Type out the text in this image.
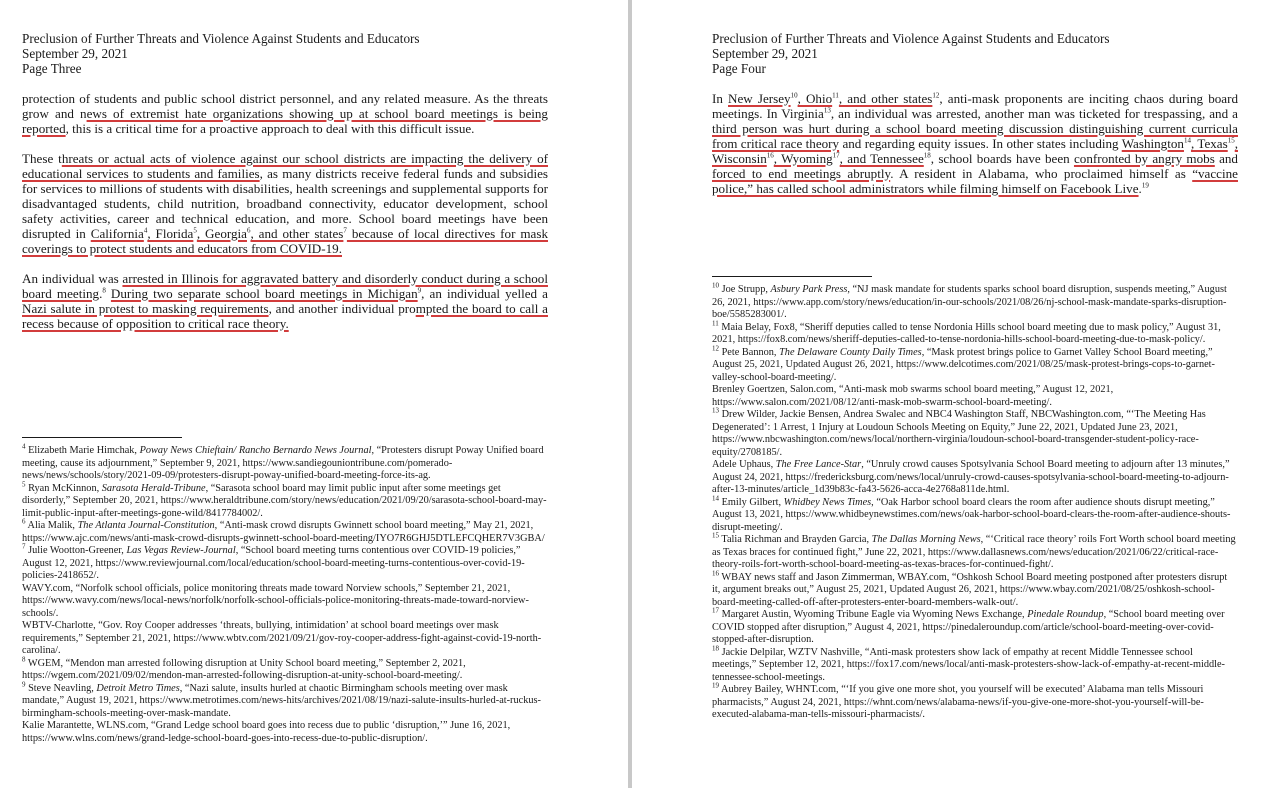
Preclusion of Further Threats and Violence Against Students and Educators
September 29, 2021
Page Three

protection of students and public school district personnel, and any related measure. As the threats grow and news of extremist hate organizations showing up at school board meetings is being reported, this is a critical time for a proactive approach to deal with this difficult issue.

These threats or actual acts of violence against our school districts are impacting the delivery of educational services to students and families, as many districts receive federal funds and subsidies for services to millions of students with disabilities, health screenings and supplemental supports for disadvantaged students, child nutrition, broadband connectivity, educator development, school safety activities, career and technical education, and more. School board meetings have been disrupted in California$^4$, Florida$^5$, Georgia$^6$, and other states$^7$ because of local directives for mask coverings to protect students and educators from COVID-19.

An individual was arrested in Illinois for aggravated battery and disorderly conduct during a school board meeting.$^8$ During two separate school board meetings in Michigan$^9$, an individual yelled a Nazi salute in protest to masking requirements, and another individual prompted the board to call a recess because of opposition to critical race theory.

$^4$ Elizabeth Marie Himchak, Poway News Chieftain/ Rancho Bernardo News Journal, “Protesters disrupt Poway Unified board meeting, cause its adjournment,” September 9, 2021, https://www.sandiegouniontribune.com/pomerado-news/news/schools/story/2021-09-09/protesters-disrupt-poway-unified-board-meeting-force-its-ag.

$^5$ Ryan McKinnon, Sarasota Herald-Tribune, “Sarasota school board may limit public input after some meetings get disorderly,” September 20, 2021, https://www.heraldtribune.com/story/news/education/2021/09/20/sarasota-school-board-may-limit-public-input-after-meetings-gone-wild/8417784002/.

$^6$ Alia Malik, The Atlanta Journal-Constitution, “Anti-mask crowd disrupts Gwinnett school board meeting,” May 21, 2021, https://www.ajc.com/news/anti-mask-crowd-disrupts-gwinnett-school-board-meeting/IYO7R6GHJ5DTLEFCQHER7V3GBA/

$^7$ Julie Wootton-Greener, Las Vegas Review-Journal, “School board meeting turns contentious over COVID-19 policies,” August 12, 2021, https://www.reviewjournal.com/local/education/school-board-meeting-turns-contentious-over-covid-19-policies-2418652/.

WAVY.com, “Norfolk school officials, police monitoring threats made toward Norview schools,” September 21, 2021, https://www.wavy.com/news/local-news/norfolk/norfolk-school-officials-police-monitoring-threats-made-toward-norview-schools/.

WBTV-Charlotte, “Gov. Roy Cooper addresses ‘threats, bullying, intimidation’ at school board meetings over mask requirements,” September 21, 2021, https://www.wbtv.com/2021/09/21/gov-roy-cooper-address-fight-against-covid-19-north-carolina/.

$^8$ WGEM, “Mendon man arrested following disruption at Unity School board meeting,” September 2, 2021, https://wgem.com/2021/09/02/mendon-man-arrested-following-disruption-at-unity-school-board-meeting/.

$^9$ Steve Neavling, Detroit Metro Times, “Nazi salute, insults hurled at chaotic Birmingham schools meeting over mask mandate,” August 19, 2021, https://www.metrotimes.com/news-hits/archives/2021/08/19/nazi-salute-insults-hurled-at-ruckus-birmingham-schools-meeting-over-mask-mandate.

Kalie Marantette, WLNS.com, “Grand Ledge school board goes into recess due to public ‘disruption,’” June 16, 2021, https://www.wlns.com/news/grand-ledge-school-board-goes-into-recess-due-to-public-disruption/.

Preclusion of Further Threats and Violence Against Students and Educators
September 29, 2021
Page Four

In New Jersey$^{10}$, Ohio$^{11}$, and other states$^{12}$, anti-mask proponents are inciting chaos during board meetings. In Virginia$^{13}$, an individual was arrested, another man was ticketed for trespassing, and a third person was hurt during a school board meeting discussion distinguishing current curricula from critical race theory and regarding equity issues. In other states including Washington$^{14}$, Texas$^{15}$, Wisconsin$^{16}$, Wyoming$^{17}$, and Tennessee$^{18}$, school boards have been confronted by angry mobs and forced to end meetings abruptly. A resident in Alabama, who proclaimed himself as “vaccine police,” has called school administrators while filming himself on Facebook Live.$^{19}$

$^{10}$ Joe Strupp, Asbury Park Press, “NJ mask mandate for students sparks school board disruption, suspends meeting,” August 26, 2021, https://www.app.com/story/news/education/in-our-schools/2021/08/26/nj-school-mask-mandate-sparks-disruption-boe/5585283001/.

$^{11}$ Maia Belay, Fox8, “Sheriff deputies called to tense Nordonia Hills school board meeting due to mask policy,” August 31, 2021, https://fox8.com/news/sheriff-deputies-called-to-tense-nordonia-hills-school-board-meeting-due-to-mask-policy/.

$^{12}$ Pete Bannon, The Delaware County Daily Times, “Mask protest brings police to Garnet Valley School Board meeting,” August 25, 2021, Updated August 26, 2021, https://www.delcotimes.com/2021/08/25/mask-protest-brings-cops-to-garnet-valley-school-board-meeting/.

Brenley Goertzen, Salon.com, “Anti-mask mob swarms school board meeting,” August 12, 2021, https://www.salon.com/2021/08/12/anti-mask-mob-swarm-school-board-meeting/.

$^{13}$ Drew Wilder, Jackie Bensen, Andrea Swalec and NBC4 Washington Staff, NBCWashington.com, “‘The Meeting Has Degenerated’: 1 Arrest, 1 Injury at Loudoun Schools Meeting on Equity,” June 22, 2021, Updated June 23, 2021, https://www.nbcwashington.com/news/local/northern-virginia/loudoun-school-board-transgender-student-policy-race-equity/2708185/.

Adele Uphaus, The Free Lance-Star, “Unruly crowd causes Spotsylvania School Board meeting to adjourn after 13 minutes,” August 24, 2021, https://fredericksburg.com/news/local/unruly-crowd-causes-spotsylvania-school-board-meeting-to-adjourn-after-13-minutes/article_1d39b83c-fa43-5626-acca-4e2768a811de.html.

$^{14}$ Emily Gilbert, Whidbey News Times, “Oak Harbor school board clears the room after audience shouts disrupt meeting,” August 13, 2021, https://www.whidbeynewstimes.com/news/oak-harbor-school-board-clears-the-room-after-audience-shouts-disrupt-meeting/.

$^{15}$ Talia Richman and Brayden Garcia, The Dallas Morning News, “‘Critical race theory’ roils Fort Worth school board meeting as Texas braces for continued fight,” June 22, 2021, https://www.dallasnews.com/news/education/2021/06/22/critical-race-theory-roils-fort-worth-school-board-meeting-as-texas-braces-for-continued-fight/.

$^{16}$ WBAY news staff and Jason Zimmerman, WBAY.com, “Oshkosh School Board meeting postponed after protesters disrupt it, argument breaks out,” August 25, 2021, Updated August 26, 2021, https://www.wbay.com/2021/08/25/oshkosh-school-board-meeting-called-off-after-protesters-enter-board-members-walk-out/.

$^{17}$ Margaret Austin, Wyoming Tribune Eagle via Wyoming News Exchange, Pinedale Roundup, “School board meeting over COVID stopped after disruption,” August 4, 2021, https://pinedaleroundup.com/article/school-board-meeting-over-covid-stopped-after-disruption.

$^{18}$ Jackie Delpilar, WZTV Nashville, “Anti-mask protesters show lack of empathy at recent Middle Tennessee school meetings,” September 12, 2021, https://fox17.com/news/local/anti-mask-protesters-show-lack-of-empathy-at-recent-middle-tennessee-school-meetings.

$^{19}$ Aubrey Bailey, WHNT.com, “‘If you give one more shot, you yourself will be executed’ Alabama man tells Missouri pharmacists,” August 24, 2021, https://whnt.com/news/alabama-news/if-you-give-one-more-shot-you-yourself-will-be-executed-alabama-man-tells-missouri-pharmacists/.
